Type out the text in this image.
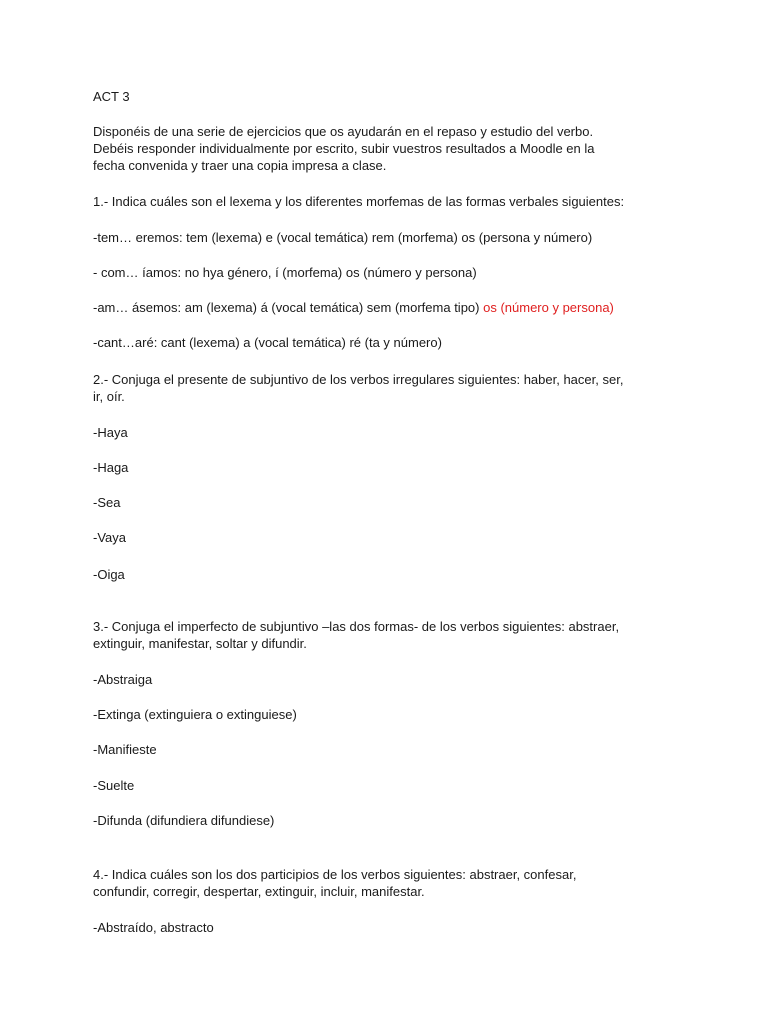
ACT 3

Disponéis de una serie de ejercicios que os ayudarán en el repaso y estudio del verbo.
Debéis responder individualmente por escrito, subir vuestros resultados a Moodle en la
fecha convenida y traer una copia impresa a clase.

1.- Indica cuáles son el lexema y los diferentes morfemas de las formas verbales siguientes:

-tem… eremos: tem (lexema) e (vocal temática) rem (morfema) os (persona y número)

- com… íamos: no hya género, í (morfema) os (número y persona)

-am… ásemos: am (lexema) á (vocal temática) sem (morfema tipo) os (número y persona)

-cant…aré: cant (lexema) a (vocal temática) ré (ta y número)

2.- Conjuga el presente de subjuntivo de los verbos irregulares siguientes: haber, hacer, ser,
ir, oír.

-Haya

-Haga

-Sea

-Vaya

-Oiga

3.- Conjuga el imperfecto de subjuntivo –las dos formas- de los verbos siguientes: abstraer,
extinguir, manifestar, soltar y difundir.

-Abstraiga

-Extinga (extinguiera o extinguiese)

-Manifieste

-Suelte

-Difunda (difundiera difundiese)

4.- Indica cuáles son los dos participios de los verbos siguientes: abstraer, confesar,
confundir, corregir, despertar, extinguir, incluir, manifestar.

-Abstraído, abstracto
